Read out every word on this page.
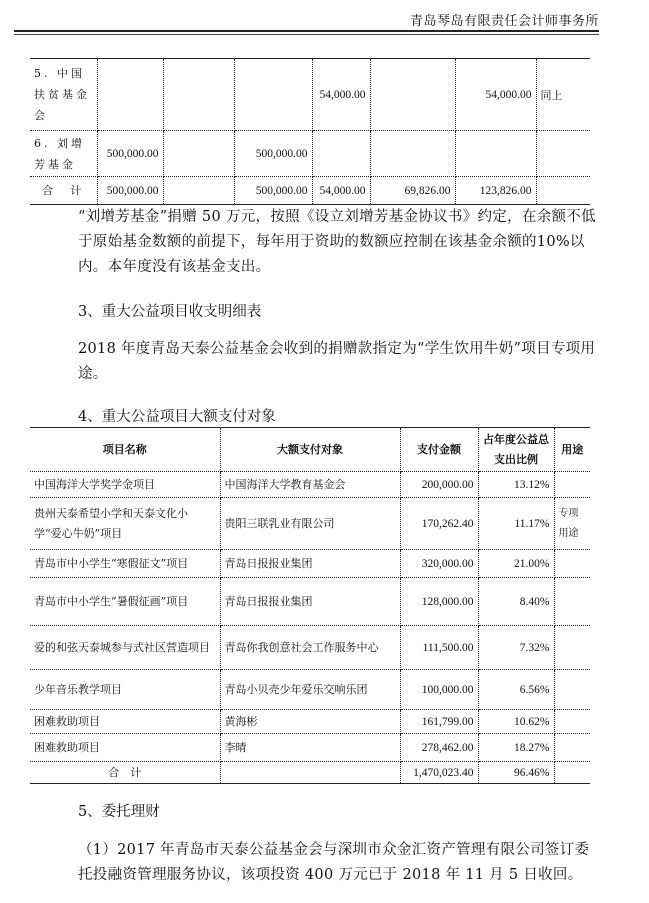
青岛琴岛有限责任会计师事务所
5. 中国扶贫基金会				54,000.00		54,000.00	同上
6. 刘增芳基金	500,000.00		500,000.00				
合　计	500,000.00		500,000.00	54,000.00	69,826.00	123,826.00	
“刘增芳基金”捐赠 50 万元，按照《设立刘增芳基金协议书》约定，在余额不低于原始基金数额的前提下，每年用于资助的数额应控制在该基金余额的10%以内。本年度没有该基金支出。
3、重大公益项目收支明细表
2018 年度青岛天泰公益基金会收到的捐赠款指定为“学生饮用牛奶”项目专项用途。
4、重大公益项目大额支付对象
项目名称	大额支付对象	支付金额	占年度公益总支出比例	用途
中国海洋大学奖学金项目	中国海洋大学教育基金会	200,000.00	13.12%	
贵州天泰希望小学和天泰文化小学“爱心牛奶”项目	贵阳三联乳业有限公司	170,262.40	11.17%	专项用途
青岛市中小学生“寒假征文”项目	青岛日报报业集团	320,000.00	21.00%	
青岛市中小学生“暑假征画”项目	青岛日报报业集团	128,000.00	8.40%	
爱的和弦天泰城参与式社区营造项目	青岛你我创意社会工作服务中心	111,500.00	7.32%	
少年音乐教学项目	青岛小贝壳少年爱乐交响乐团	100,000.00	6.56%	
困难救助项目	黄海彬	161,799.00	10.62%	
困难救助项目	李晴	278,462.00	18.27%	
合　计		1,470,023.40	96.46%	
5、委托理财
（1）2017 年青岛市天泰公益基金会与深圳市众金汇资产管理有限公司签订委托投融资管理服务协议，该项投资 400 万元已于 2018 年 11 月 5 日收回。
